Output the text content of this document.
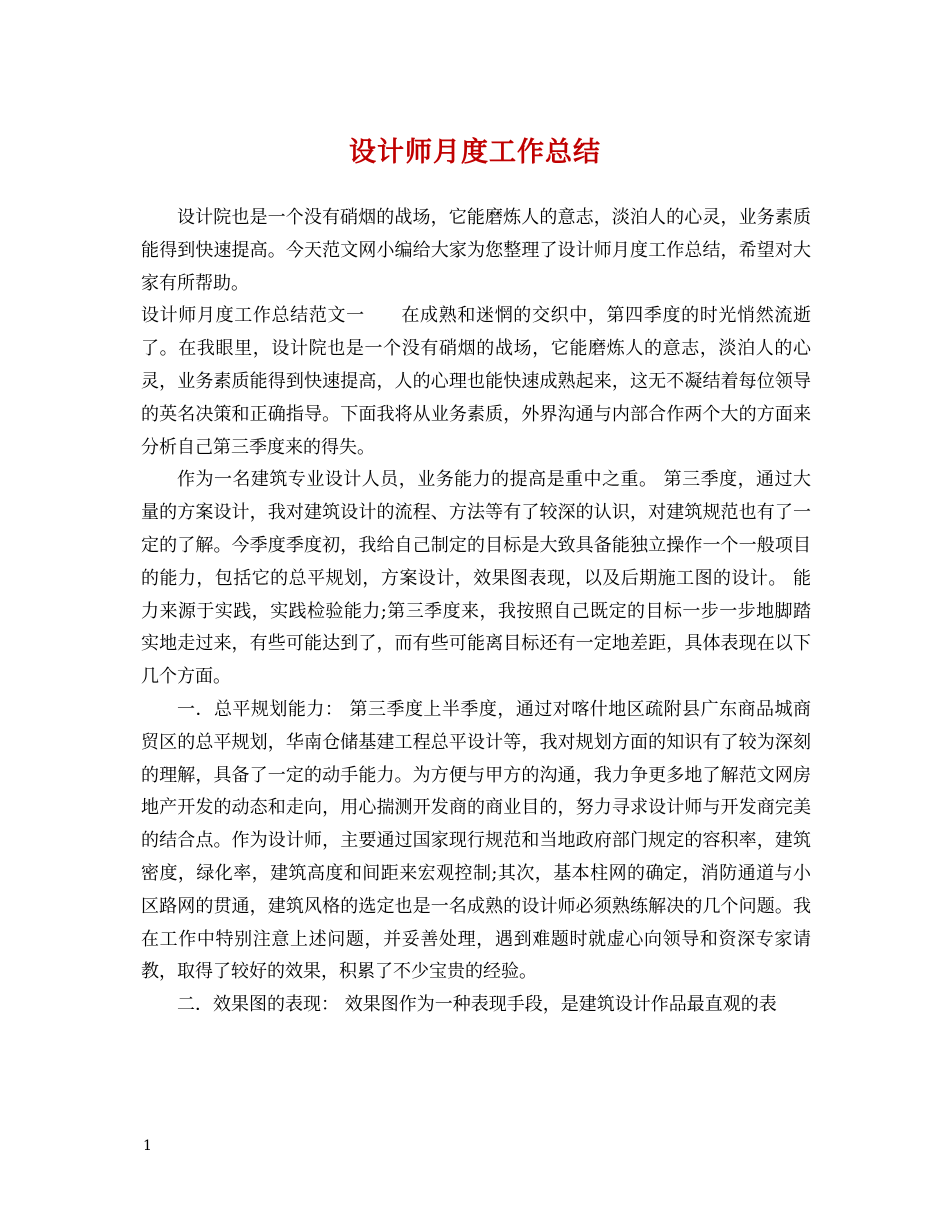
设计师月度工作总结

设计院也是一个没有硝烟的战场，它能磨炼人的意志，淡泊人的心灵，业务素质能得到快速提高。今天范文网小编给大家为您整理了设计师月度工作总结，希望对大家有所帮助。

设计师月度工作总结范文一 在成熟和迷惘的交织中，第四季度的时光悄然流逝了。在我眼里，设计院也是一个没有硝烟的战场，它能磨炼人的意志，淡泊人的心灵，业务素质能得到快速提高，人的心理也能快速成熟起来，这无不凝结着每位领导的英名决策和正确指导。下面我将从业务素质，外界沟通与内部合作两个大的方面来分析自己第三季度来的得失。

作为一名建筑专业设计人员，业务能力的提高是重中之重。 第三季度，通过大量的方案设计，我对建筑设计的流程、方法等有了较深的认识，对建筑规范也有了一定的了解。今季度季度初，我给自己制定的目标是大致具备能独立操作一个一般项目的能力，包括它的总平规划，方案设计，效果图表现，以及后期施工图的设计。 能力来源于实践，实践检验能力;第三季度来，我按照自己既定的目标一步一步地脚踏实地走过来，有些可能达到了，而有些可能离目标还有一定地差距，具体表现在以下几个方面。

一．总平规划能力： 第三季度上半季度，通过对喀什地区疏附县广东商品城商贸区的总平规划，华南仓储基建工程总平设计等，我对规划方面的知识有了较为深刻的理解，具备了一定的动手能力。为方便与甲方的沟通，我力争更多地了解范文网房地产开发的动态和走向，用心揣测开发商的商业目的，努力寻求设计师与开发商完美的结合点。作为设计师，主要通过国家现行规范和当地政府部门规定的容积率，建筑密度，绿化率，建筑高度和间距来宏观控制;其次，基本柱网的确定，消防通道与小区路网的贯通，建筑风格的选定也是一名成熟的设计师必须熟练解决的几个问题。我在工作中特别注意上述问题，并妥善处理，遇到难题时就虚心向领导和资深专家请教，取得了较好的效果，积累了不少宝贵的经验。

二．效果图的表现： 效果图作为一种表现手段，是建筑设计作品最直观的表

1
